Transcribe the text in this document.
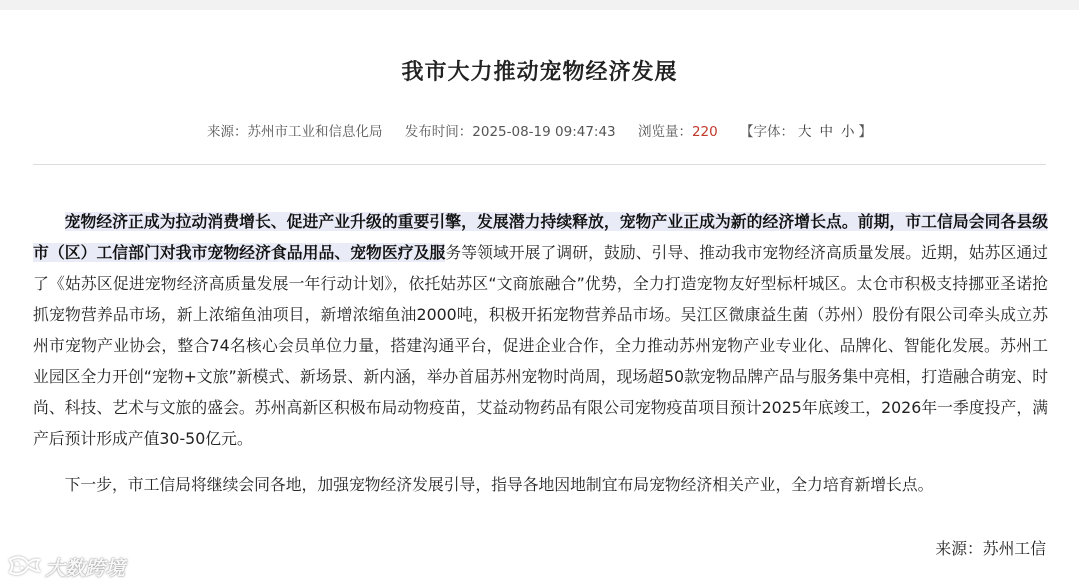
我市大力推动宠物经济发展
来源：苏州市工业和信息化局 发布时间：2025-08-19 09:47:43 浏览量：220 【字体： 大 中 小 】

宠物经济正成为拉动消费增长、促进产业升级的重要引擎，发展潜力持续释放，宠物产业正成为新的经济增长点。前期，市工信局会同各县级市（区）工信部门对我市宠物经济食品用品、宠物医疗及服务等领域开展了调研，鼓励、引导、推动我市宠物经济高质量发展。近期，姑苏区通过了《姑苏区促进宠物经济高质量发展一年行动计划》，依托姑苏区“文商旅融合”优势，全力打造宠物友好型标杆城区。太仓市积极支持挪亚圣诺抢抓宠物营养品市场，新上浓缩鱼油项目，新增浓缩鱼油2000吨，积极开拓宠物营养品市场。吴江区微康益生菌（苏州）股份有限公司牵头成立苏州市宠物产业协会，整合74名核心会员单位力量，搭建沟通平台，促进企业合作，全力推动苏州宠物产业专业化、品牌化、智能化发展。苏州工业园区全力开创“宠物+文旅”新模式、新场景、新内涵，举办首届苏州宠物时尚周，现场超50款宠物品牌产品与服务集中亮相，打造融合萌宠、时尚、科技、艺术与文旅的盛会。苏州高新区积极布局动物疫苗，艾益动物药品有限公司宠物疫苗项目预计2025年底竣工，2026年一季度投产，满产后预计形成产值30-50亿元。

下一步，市工信局将继续会同各地，加强宠物经济发展引导，指导各地因地制宜布局宠物经济相关产业，全力培育新增长点。

来源：苏州工信
大数跨境
